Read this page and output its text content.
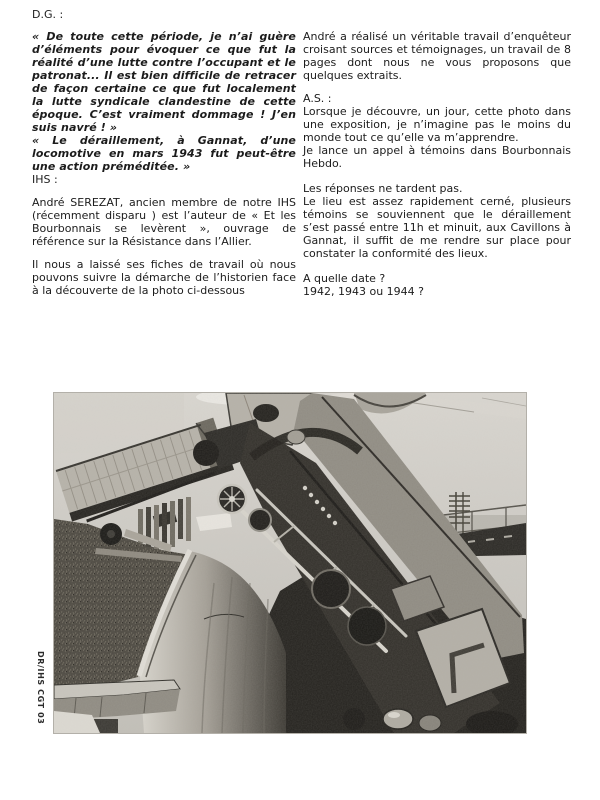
D.G. :

« De toute cette période, je n’ai guère d’éléments pour évoquer ce que fut la réalité d’une lutte contre l’occupant et le patronat... Il est bien difficile de retracer de façon certaine ce que fut localement la lutte syndicale clandestine de cette époque. C’est vraiment dommage ! J’en suis navré ! »

« Le déraillement, à Gannat, d’une locomotive en mars 1943 fut peut-être une action préméditée. »

IHS :

André SEREZAT, ancien membre de notre IHS (récemment disparu ) est l’auteur de « Et les Bourbonnais se levèrent », ouvrage de référence sur la Résistance dans l’Allier.

Il nous a laissé ses fiches de travail où nous pouvons suivre la démarche de l’historien face à la découverte de la photo ci-dessous

André a réalisé un véritable travail d’enquêteur croisant sources et témoignages, un travail de 8 pages dont nous ne vous proposons que quelques extraits.

A.S. :

Lorsque je découvre, un jour, cette photo dans une exposition, je n’imagine pas le moins du monde tout ce qu’elle va m’apprendre.

Je lance un appel à témoins dans Bourbonnais Hebdo.

Les réponses ne tardent pas.

Le lieu est assez rapidement cerné, plusieurs témoins se souviennent que le déraillement s’est passé entre 11h et minuit, aux Cavillons à Gannat, il suffit de me rendre sur place pour constater la conformité des lieux.

A quelle date ?

1942, 1943 ou 1944 ?

DR/IHS CGT 03
